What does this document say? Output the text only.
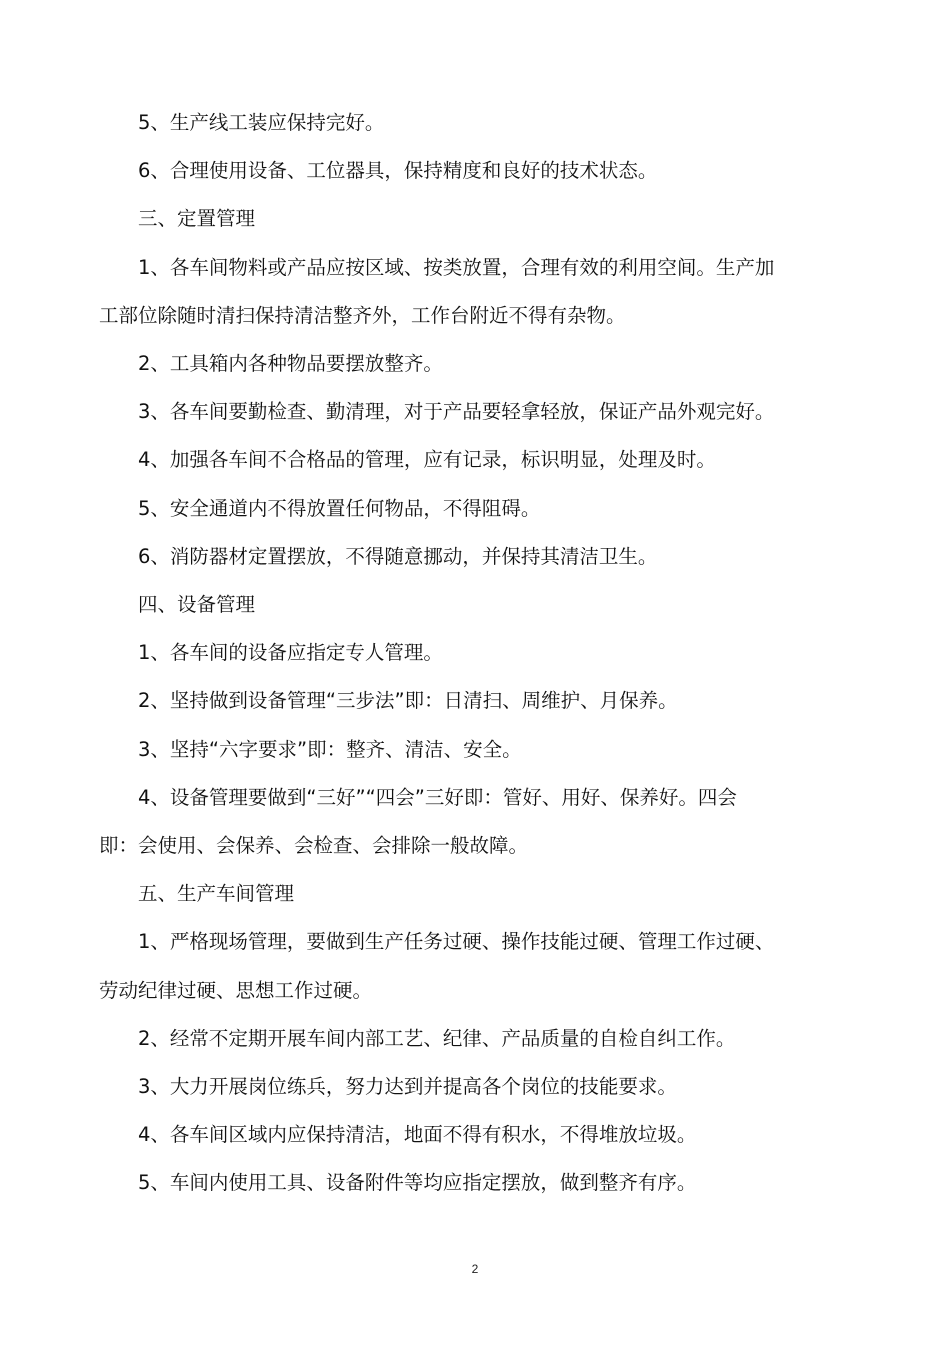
5、生产线工装应保持完好。

6、合理使用设备、工位器具，保持精度和良好的技术状态。

三、定置管理

1、各车间物料或产品应按区域、按类放置，合理有效的利用空间。生产加

工部位除随时清扫保持清洁整齐外，工作台附近不得有杂物。

2、工具箱内各种物品要摆放整齐。

3、各车间要勤检查、勤清理，对于产品要轻拿轻放，保证产品外观完好。

4、加强各车间不合格品的管理，应有记录，标识明显，处理及时。

5、安全通道内不得放置任何物品，不得阻碍。

6、消防器材定置摆放，不得随意挪动，并保持其清洁卫生。

四、设备管理

1、各车间的设备应指定专人管理。

2、坚持做到设备管理“三步法”即：日清扫、周维护、月保养。

3、坚持“六字要求”即：整齐、清洁、安全。

4、设备管理要做到“三好”“四会”三好即：管好、用好、保养好。四会

即：会使用、会保养、会检查、会排除一般故障。

五、生产车间管理

1、严格现场管理，要做到生产任务过硬、操作技能过硬、管理工作过硬、

劳动纪律过硬、思想工作过硬。

2、经常不定期开展车间内部工艺、纪律、产品质量的自检自纠工作。

3、大力开展岗位练兵，努力达到并提高各个岗位的技能要求。

4、各车间区域内应保持清洁，地面不得有积水，不得堆放垃圾。

5、车间内使用工具、设备附件等均应指定摆放，做到整齐有序。

2
